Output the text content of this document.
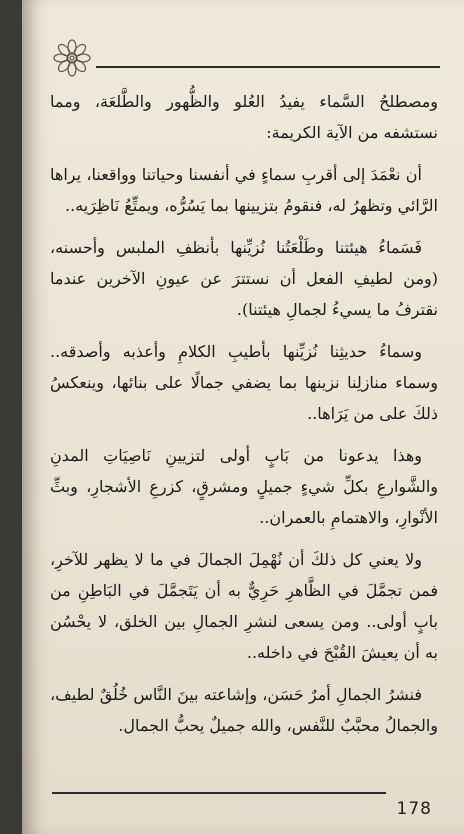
ومصطلحُ السَّماء يفيدُ العُلو والظُّهور والطَّلعَة، ومما نستشفه من الآية الكريمة:

أن نعْمَدَ إلى أقربِ سماءٍ في أنفسنا وحياتنا وواقعنا، يراها الرَّائي وتظهرُ له، فنقومُ بتزيينها بما يَسُرُّه، ويمتِّعُ نَاظِرَيه..

فَسَماءُ هيئتنا وطَلْعَتُنا نُزيِّنها بأنظفِ الملبس وأحسنه، (ومن لطيفِ الفعل أن نستترَ عن عيونِ الآخرين عندما نقترفُ ما يسيءُ لجمالِ هيئتنا).

وسماءُ حديثِنا نُزيِّنها بأطيبِ الكلامِ وأعذبه وأصدقه.. وسماء منازلِنا نزينها بما يضفي جمالًا على بنائها، وينعكسُ ذلكَ على من يَرَاها..

وهذا يدعونا من بَابٍ أولى لتزيينِ نَاصِيَاتِ المدنِ والشَّوارعِ بكلِّ شيءٍ جميلٍ ومشرقٍ، كزرعِ الأشجارِ، وبثِّ الأنْوارِ، والاهتمامِ بالعمران..

ولا يعني كل ذلكَ أن نُهْمِلَ الجمالَ في ما لا يظهر للآخرِ، فمن تجمَّلَ في الظَّاهرِ حَرِيٌّ به أن يَتَجمَّلَ في البَاطِنِ من بابٍ أولى.. ومن يسعى لنشرِ الجمالِ بين الخلق، لا يحْسُن به أن يعيشَ القُبْحَ في داخله..

فنشرُ الجمالِ أمرٌ حَسَن، وإشاعته بينَ النَّاس خُلُقٌ لطيف، والجمالُ محبَّبٌ للنَّفس، والله جميلٌ يحبُّ الجمال.

178
